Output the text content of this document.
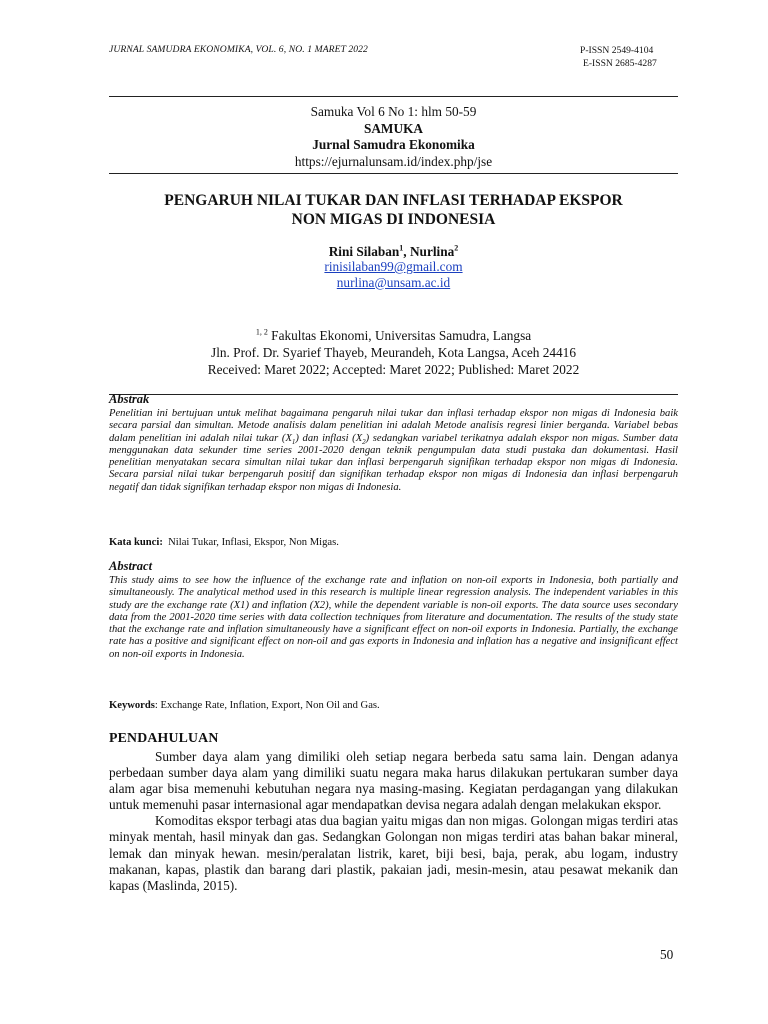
JURNAL SAMUDRA EKONOMIKA, VOL. 6, NO. 1 MARET 2022	P-ISSN 2549-4104
E-ISSN 2685-4287
Samuka Vol 6 No 1: hlm 50-59
SAMUKA
Jurnal Samudra Ekonomika
https://ejurnalunsam.id/index.php/jse
PENGARUH NILAI TUKAR DAN INFLASI TERHADAP EKSPOR
NON MIGAS DI INDONESIA
Rini Silaban$^1$, Nurlina$^2$
rinisilaban99@gmail.com
nurlina@unsam.ac.id
$^{1, 2}$ Fakultas Ekonomi, Universitas Samudra, Langsa
Jln. Prof. Dr. Syarief Thayeb, Meurandeh, Kota Langsa, Aceh 24416
Received: Maret 2022; Accepted: Maret 2022; Published: Maret 2022
Abstrak
Penelitian ini bertujuan untuk melihat bagaimana pengaruh nilai tukar dan inflasi terhadap ekspor non migas di Indonesia baik secara parsial dan simultan. Metode analisis dalam penelitian ini adalah Metode analisis regresi linier berganda. Variabel bebas dalam penelitian ini adalah nilai tukar $(X_1)$ dan inflasi $(X_2)$ sedangkan variabel terikatnya adalah ekspor non migas. Sumber data menggunakan data sekunder time series 2001-2020 dengan teknik pengumpulan data studi pustaka dan dokumentasi. Hasil penelitian menyatakan secara simultan nilai tukar dan inflasi berpengaruh signifikan terhadap ekspor non migas di Indonesia. Secara parsial nilai tukar berpengaruh positif dan signifikan terhadap ekspor non migas di Indonesia dan inflasi berpengaruh negatif dan tidak signifikan terhadap ekspor non migas di Indonesia.
Kata kunci: Nilai Tukar, Inflasi, Ekspor, Non Migas.
Abstract
This study aims to see how the influence of the exchange rate and inflation on non-oil exports in Indonesia, both partially and simultaneously. The analytical method used in this research is multiple linear regression analysis. The independent variables in this study are the exchange rate (X1) and inflation (X2), while the dependent variable is non-oil exports. The data source uses secondary data from the 2001-2020 time series with data collection techniques from literature and documentation. The results of the study state that the exchange rate and inflation simultaneously have a significant effect on non-oil exports in Indonesia. Partially, the exchange rate has a positive and significant effect on non-oil and gas exports in Indonesia and inflation has a negative and insignificant effect on non-oil exports in Indonesia.
Keywords: Exchange Rate, Inflation, Export, Non Oil and Gas.
PENDAHULUAN

Sumber daya alam yang dimiliki oleh setiap negara berbeda satu sama lain. Dengan adanya perbedaan sumber daya alam yang dimiliki suatu negara maka harus dilakukan pertukaran sumber daya alam agar bisa memenuhi kebutuhan negara nya masing-masing. Kegiatan perdagangan yang dilakukan untuk memenuhi pasar internasional agar mendapatkan devisa negara adalah dengan melakukan ekspor.

Komoditas ekspor terbagi atas dua bagian yaitu migas dan non migas. Golongan migas terdiri atas minyak mentah, hasil minyak dan gas. Sedangkan Golongan non migas terdiri atas bahan bakar mineral, lemak dan minyak hewan. mesin/peralatan listrik, karet, biji besi, baja, perak, abu logam, industry makanan, kapas, plastik dan barang dari plastik, pakaian jadi, mesin-mesin, atau pesawat mekanik dan kapas (Maslinda, 2015).

50
